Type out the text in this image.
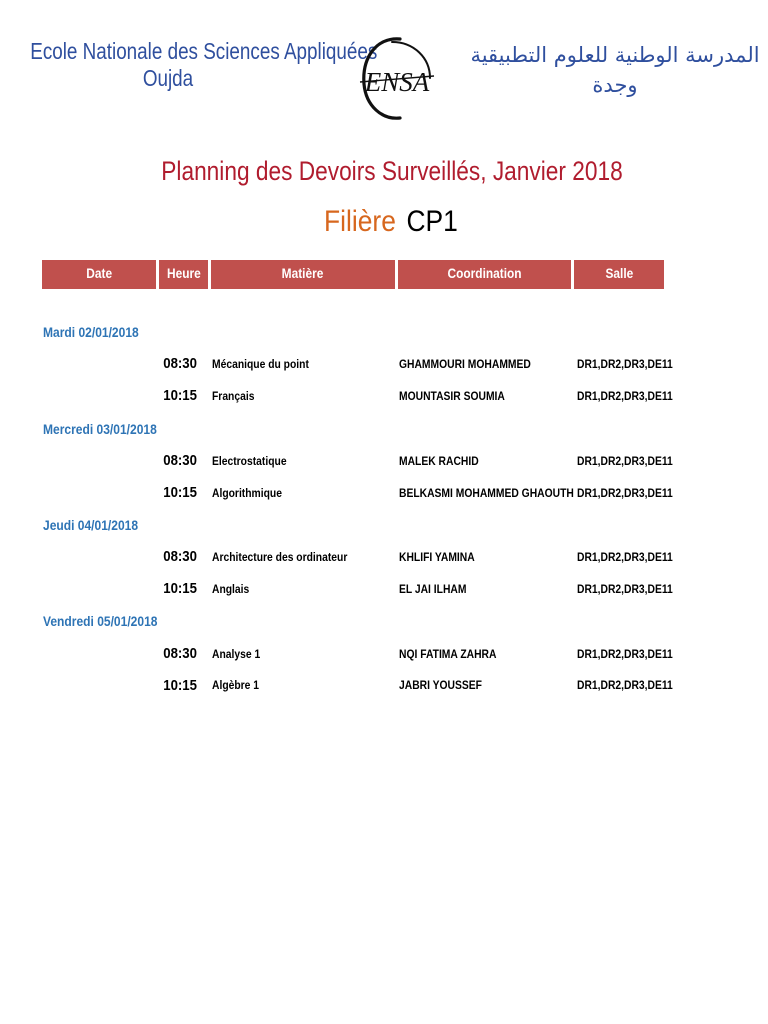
Ecole Nationale des Sciences Appliquées
Oujda	ENSA
المدرسة الوطنية للعلوم التطبيقية
وجدة
Planning des Devoirs Surveillés, Janvier 2018
Filière CP1
Date	Heure	Matière	Coordination	Salle
Mardi 02/01/2018
08:30 Mécanique du point	GHAMMOURI MOHAMMED	DR1,DR2,DR3,DE11
10:15 Français	MOUNTASIR SOUMIA	DR1,DR2,DR3,DE11
Mercredi 03/01/2018
08:30 Electrostatique	MALEK RACHID	DR1,DR2,DR3,DE11
10:15 Algorithmique	BELKASMI MOHAMMED GHAOUTH DR1,DR2,DR3,DE11
Jeudi 04/01/2018
08:30 Architecture des ordinateur	KHLIFI YAMINA	DR1,DR2,DR3,DE11
10:15 Anglais	EL JAI ILHAM	DR1,DR2,DR3,DE11
Vendredi 05/01/2018
08:30 Analyse 1	NQI FATIMA ZAHRA	DR1,DR2,DR3,DE11
10:15 Algèbre 1	JABRI YOUSSEF	DR1,DR2,DR3,DE11
